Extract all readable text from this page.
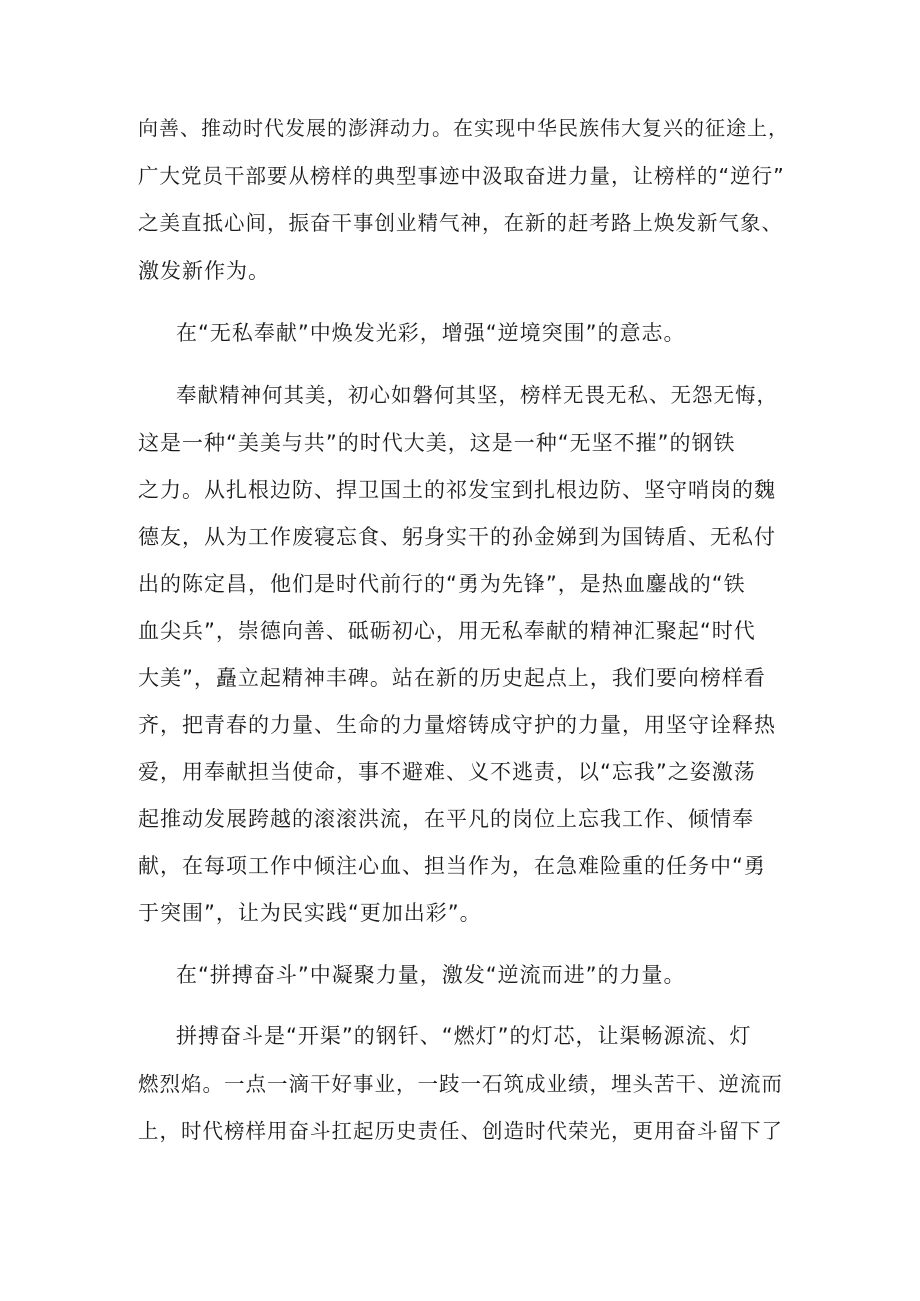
向善、推动时代发展的澎湃动力。在实现中华民族伟大复兴的征途上，
广大党员干部要从榜样的典型事迹中汲取奋进力量，让榜样的“逆行”
之美直抵心间，振奋干事创业精气神，在新的赶考路上焕发新气象、
激发新作为。
在“无私奉献”中焕发光彩，增强“逆境突围”的意志。
奉献精神何其美，初心如磐何其坚，榜样无畏无私、无怨无悔，
这是一种“美美与共”的时代大美，这是一种“无坚不摧”的钢铁
之力。从扎根边防、捍卫国土的祁发宝到扎根边防、坚守哨岗的魏
德友，从为工作废寝忘食、躬身实干的孙金娣到为国铸盾、无私付
出的陈定昌，他们是时代前行的“勇为先锋”，是热血鏖战的“铁
血尖兵”，崇德向善、砥砺初心，用无私奉献的精神汇聚起“时代
大美”，矗立起精神丰碑。站在新的历史起点上，我们要向榜样看
齐，把青春的力量、生命的力量熔铸成守护的力量，用坚守诠释热
爱，用奉献担当使命，事不避难、义不逃责，以“忘我”之姿激荡
起推动发展跨越的滚滚洪流，在平凡的岗位上忘我工作、倾情奉
献，在每项工作中倾注心血、担当作为，在急难险重的任务中“勇
于突围”，让为民实践“更加出彩”。
在“拼搏奋斗”中凝聚力量，激发“逆流而进”的力量。
拼搏奋斗是“开渠”的钢钎、“燃灯”的灯芯，让渠畅源流、灯
燃烈焰。一点一滴干好事业，一跂一石筑成业绩，埋头苦干、逆流而
上，时代榜样用奋斗扛起历史责任、创造时代荣光，更用奋斗留下了
